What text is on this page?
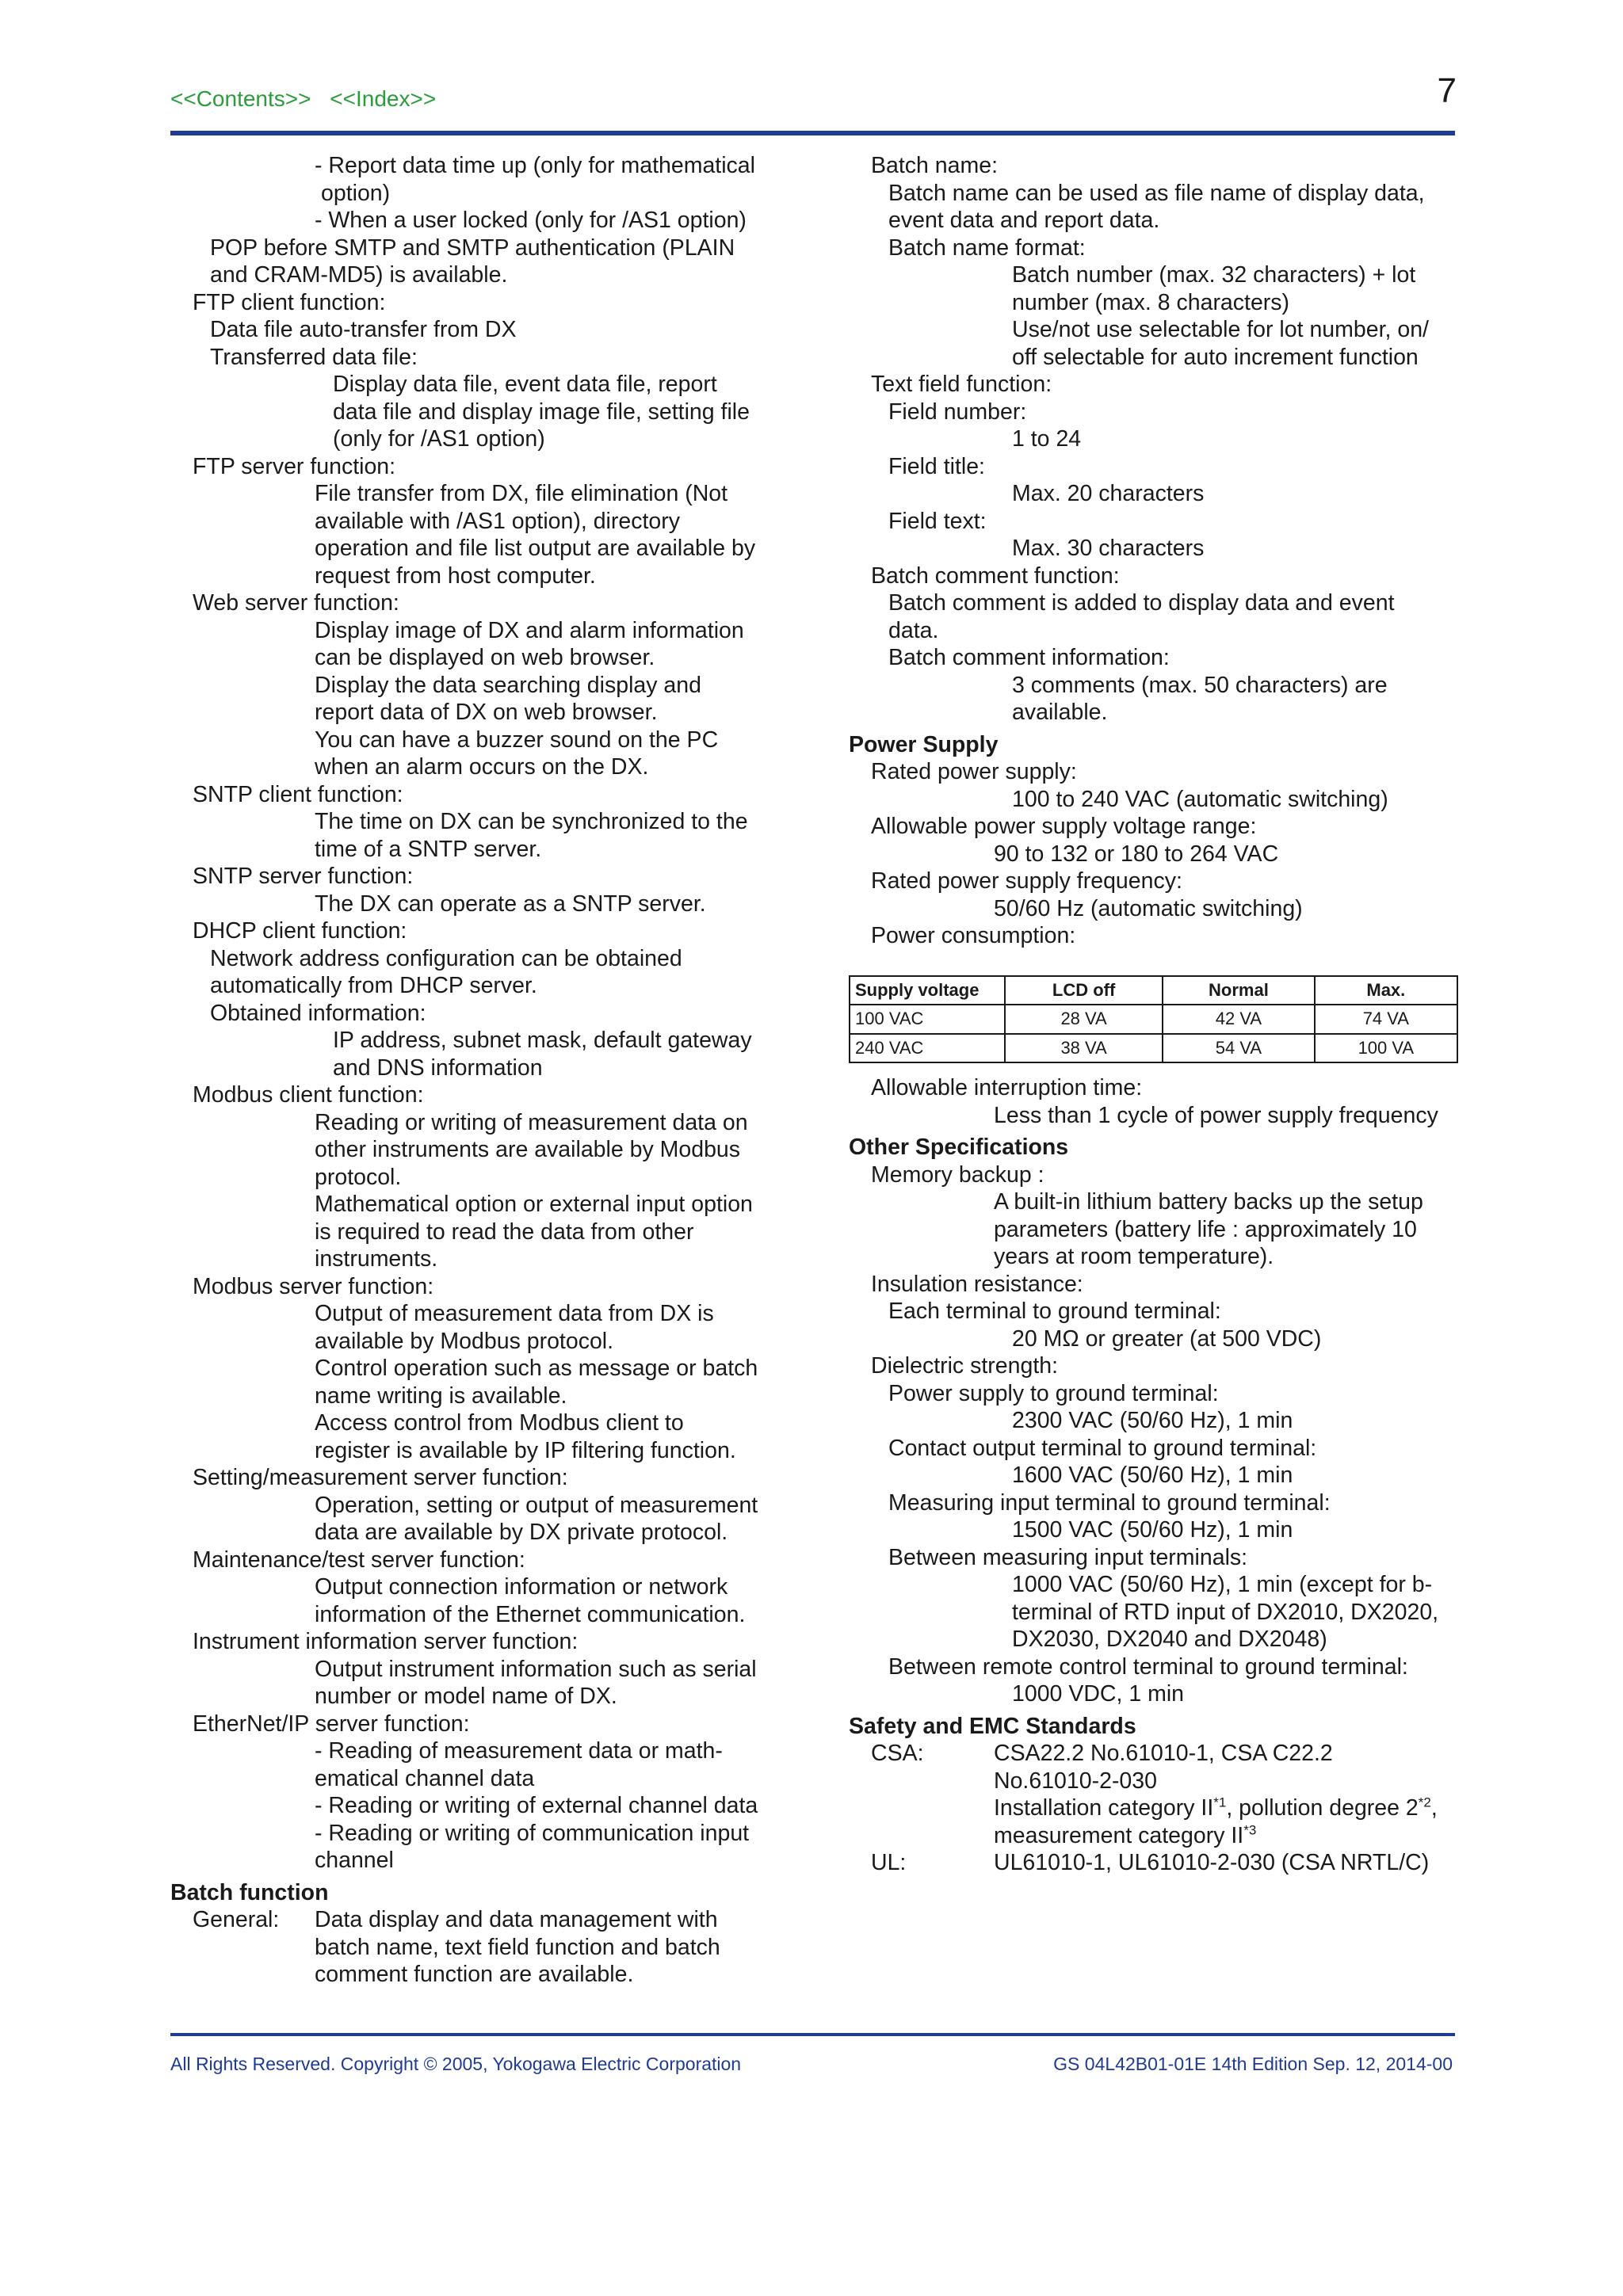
<<Contents>> <<Index>>	7
- Report data time up (only for mathematical
option)
- When a user locked (only for /AS1 option)
POP before SMTP and SMTP authentication (PLAIN
and CRAM-MD5) is available.
FTP client function:
Data file auto-transfer from DX
Transferred data file:
Display data file, event data file, report
data file and display image file, setting file
(only for /AS1 option)
FTP server function:
File transfer from DX, file elimination (Not
available with /AS1 option), directory
operation and file list output are available by
request from host computer.
Web server function:
Display image of DX and alarm information
can be displayed on web browser.
Display the data searching display and
report data of DX on web browser.
You can have a buzzer sound on the PC
when an alarm occurs on the DX.
SNTP client function:
The time on DX can be synchronized to the
time of a SNTP server.
SNTP server function:
The DX can operate as a SNTP server.
DHCP client function:
Network address configuration can be obtained
automatically from DHCP server.
Obtained information:
IP address, subnet mask, default gateway
and DNS information
Modbus client function:
Reading or writing of measurement data on
other instruments are available by Modbus
protocol.
Mathematical option or external input option
is required to read the data from other
instruments.
Modbus server function:
Output of measurement data from DX is
available by Modbus protocol.
Control operation such as message or batch
name writing is available.
Access control from Modbus client to
register is available by IP filtering function.
Setting/measurement server function:
Operation, setting or output of measurement
data are available by DX private protocol.
Maintenance/test server function:
Output connection information or network
information of the Ethernet communication.
Instrument information server function:
Output instrument information such as serial
number or model name of DX.
EtherNet/IP server function:
- Reading of measurement data or math-
ematical channel data
- Reading or writing of external channel data
- Reading or writing of communication input
channel
Batch function
General:	Data display and data management with
batch name, text field function and batch
comment function are available.
Batch name:
Batch name can be used as file name of display data,
event data and report data.
Batch name format:
Batch number (max. 32 characters) + lot
number (max. 8 characters)
Use/not use selectable for lot number, on/
off selectable for auto increment function
Text field function:
Field number:
1 to 24
Field title:
Max. 20 characters
Field text:
Max. 30 characters
Batch comment function:
Batch comment is added to display data and event
data.
Batch comment information:
3 comments (max. 50 characters) are
available.
Power Supply
Rated power supply:
100 to 240 VAC (automatic switching)
Allowable power supply voltage range:
90 to 132 or 180 to 264 VAC
Rated power supply frequency:
50/60 Hz (automatic switching)
Power consumption:
Supply voltage	LCD off	Normal	Max.
100 VAC	28 VA	42 VA	74 VA
240 VAC	38 VA	54 VA	100 VA
Allowable interruption time:
Less than 1 cycle of power supply frequency
Other Specifications
Memory backup :
A built-in lithium battery backs up the setup
parameters (battery life : approximately 10
years at room temperature).
Insulation resistance:
Each terminal to ground terminal:
20 MΩ or greater (at 500 VDC)
Dielectric strength:
Power supply to ground terminal:
2300 VAC (50/60 Hz), 1 min
Contact output terminal to ground terminal:
1600 VAC (50/60 Hz), 1 min
Measuring input terminal to ground terminal:
1500 VAC (50/60 Hz), 1 min
Between measuring input terminals:
1000 VAC (50/60 Hz), 1 min (except for b-
terminal of RTD input of DX2010, DX2020,
DX2030, DX2040 and DX2048)
Between remote control terminal to ground terminal:
1000 VDC, 1 min
Safety and EMC Standards
CSA:	CSA22.2 No.61010-1, CSA C22.2
No.61010-2-030
Installation category II$^{*1}$, pollution degree 2$^{*2}$,
measurement category II$^{*3}$
UL:	UL61010-1, UL61010-2-030 (CSA NRTL/C)
All Rights Reserved. Copyright © 2005, Yokogawa Electric Corporation	GS 04L42B01-01E 14th Edition Sep. 12, 2014-00
